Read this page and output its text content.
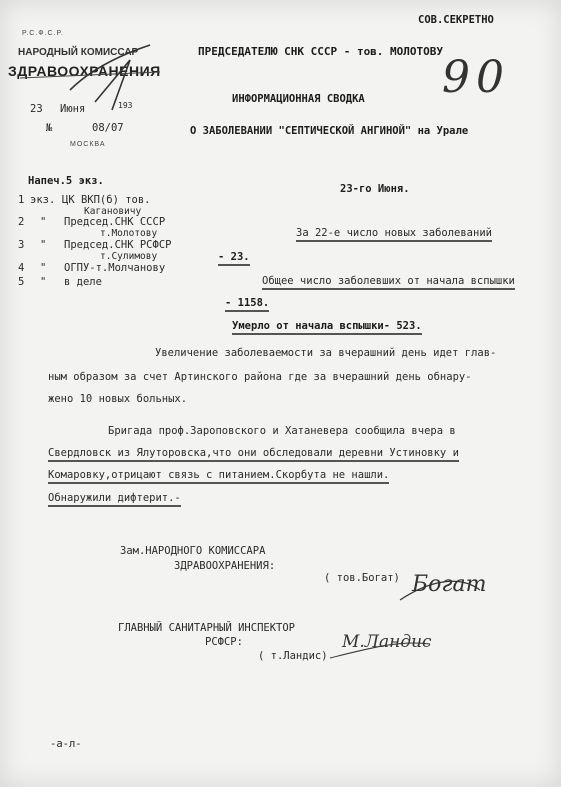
Р.С.Ф.С.Р.
НАРОДНЫЙ КОМИССАР
ЗДРАВООХРАНЕНИЯ
23 Июня	193
№	08/07
МОСКВА
СОВ.СЕКРЕТНО
ПРЕДСЕДАТЕЛЮ СНК СССР - тов. МОЛОТОВУ
90
ИНФОРМАЦИОННАЯ СВОДКА
О ЗАБОЛЕВАНИИ "СЕПТИЧЕСКОЙ АНГИНОЙ" на Урале
Напеч.5 экз.
1 экз. ЦК ВКП(б) тов.
Кагановичу
2 " Председ.СНК СССР
т.Молотову
3 " Председ.СНК РСФСР
т.Сулимову
4 " ОГПУ-т.Молчанову
5 " в деле
23-го Июня.
За 22-е число новых заболеваний
- 23.
Общее число заболевших от начала вспышки
- 1158.
Умерло от начала вспышки- 523.
Увеличение заболеваемости за вчерашний день идет глав-
ным образом за счет Артинского района где за вчерашний день обнару-
жено 10 новых больных.
Бригада проф.Зароповского и Хатаневера сообщила вчера в
Свердловск из Ялуторовска,что они обследовали деревни Устиновку и
Комаровку,отрицают связь с питанием.Скорбута не нашли.
Обнаружили дифтерит.-
Зам.НАРОДНОГО КОМИССАРА
ЗДРАВООХРАНЕНИЯ:
( тов.Богат) Богат
ГЛАВНЫЙ САНИТАРНЫЙ ИНСПЕКТОР
РСФСР:
( т.Ландис)
М.Ландис
-а-л-
